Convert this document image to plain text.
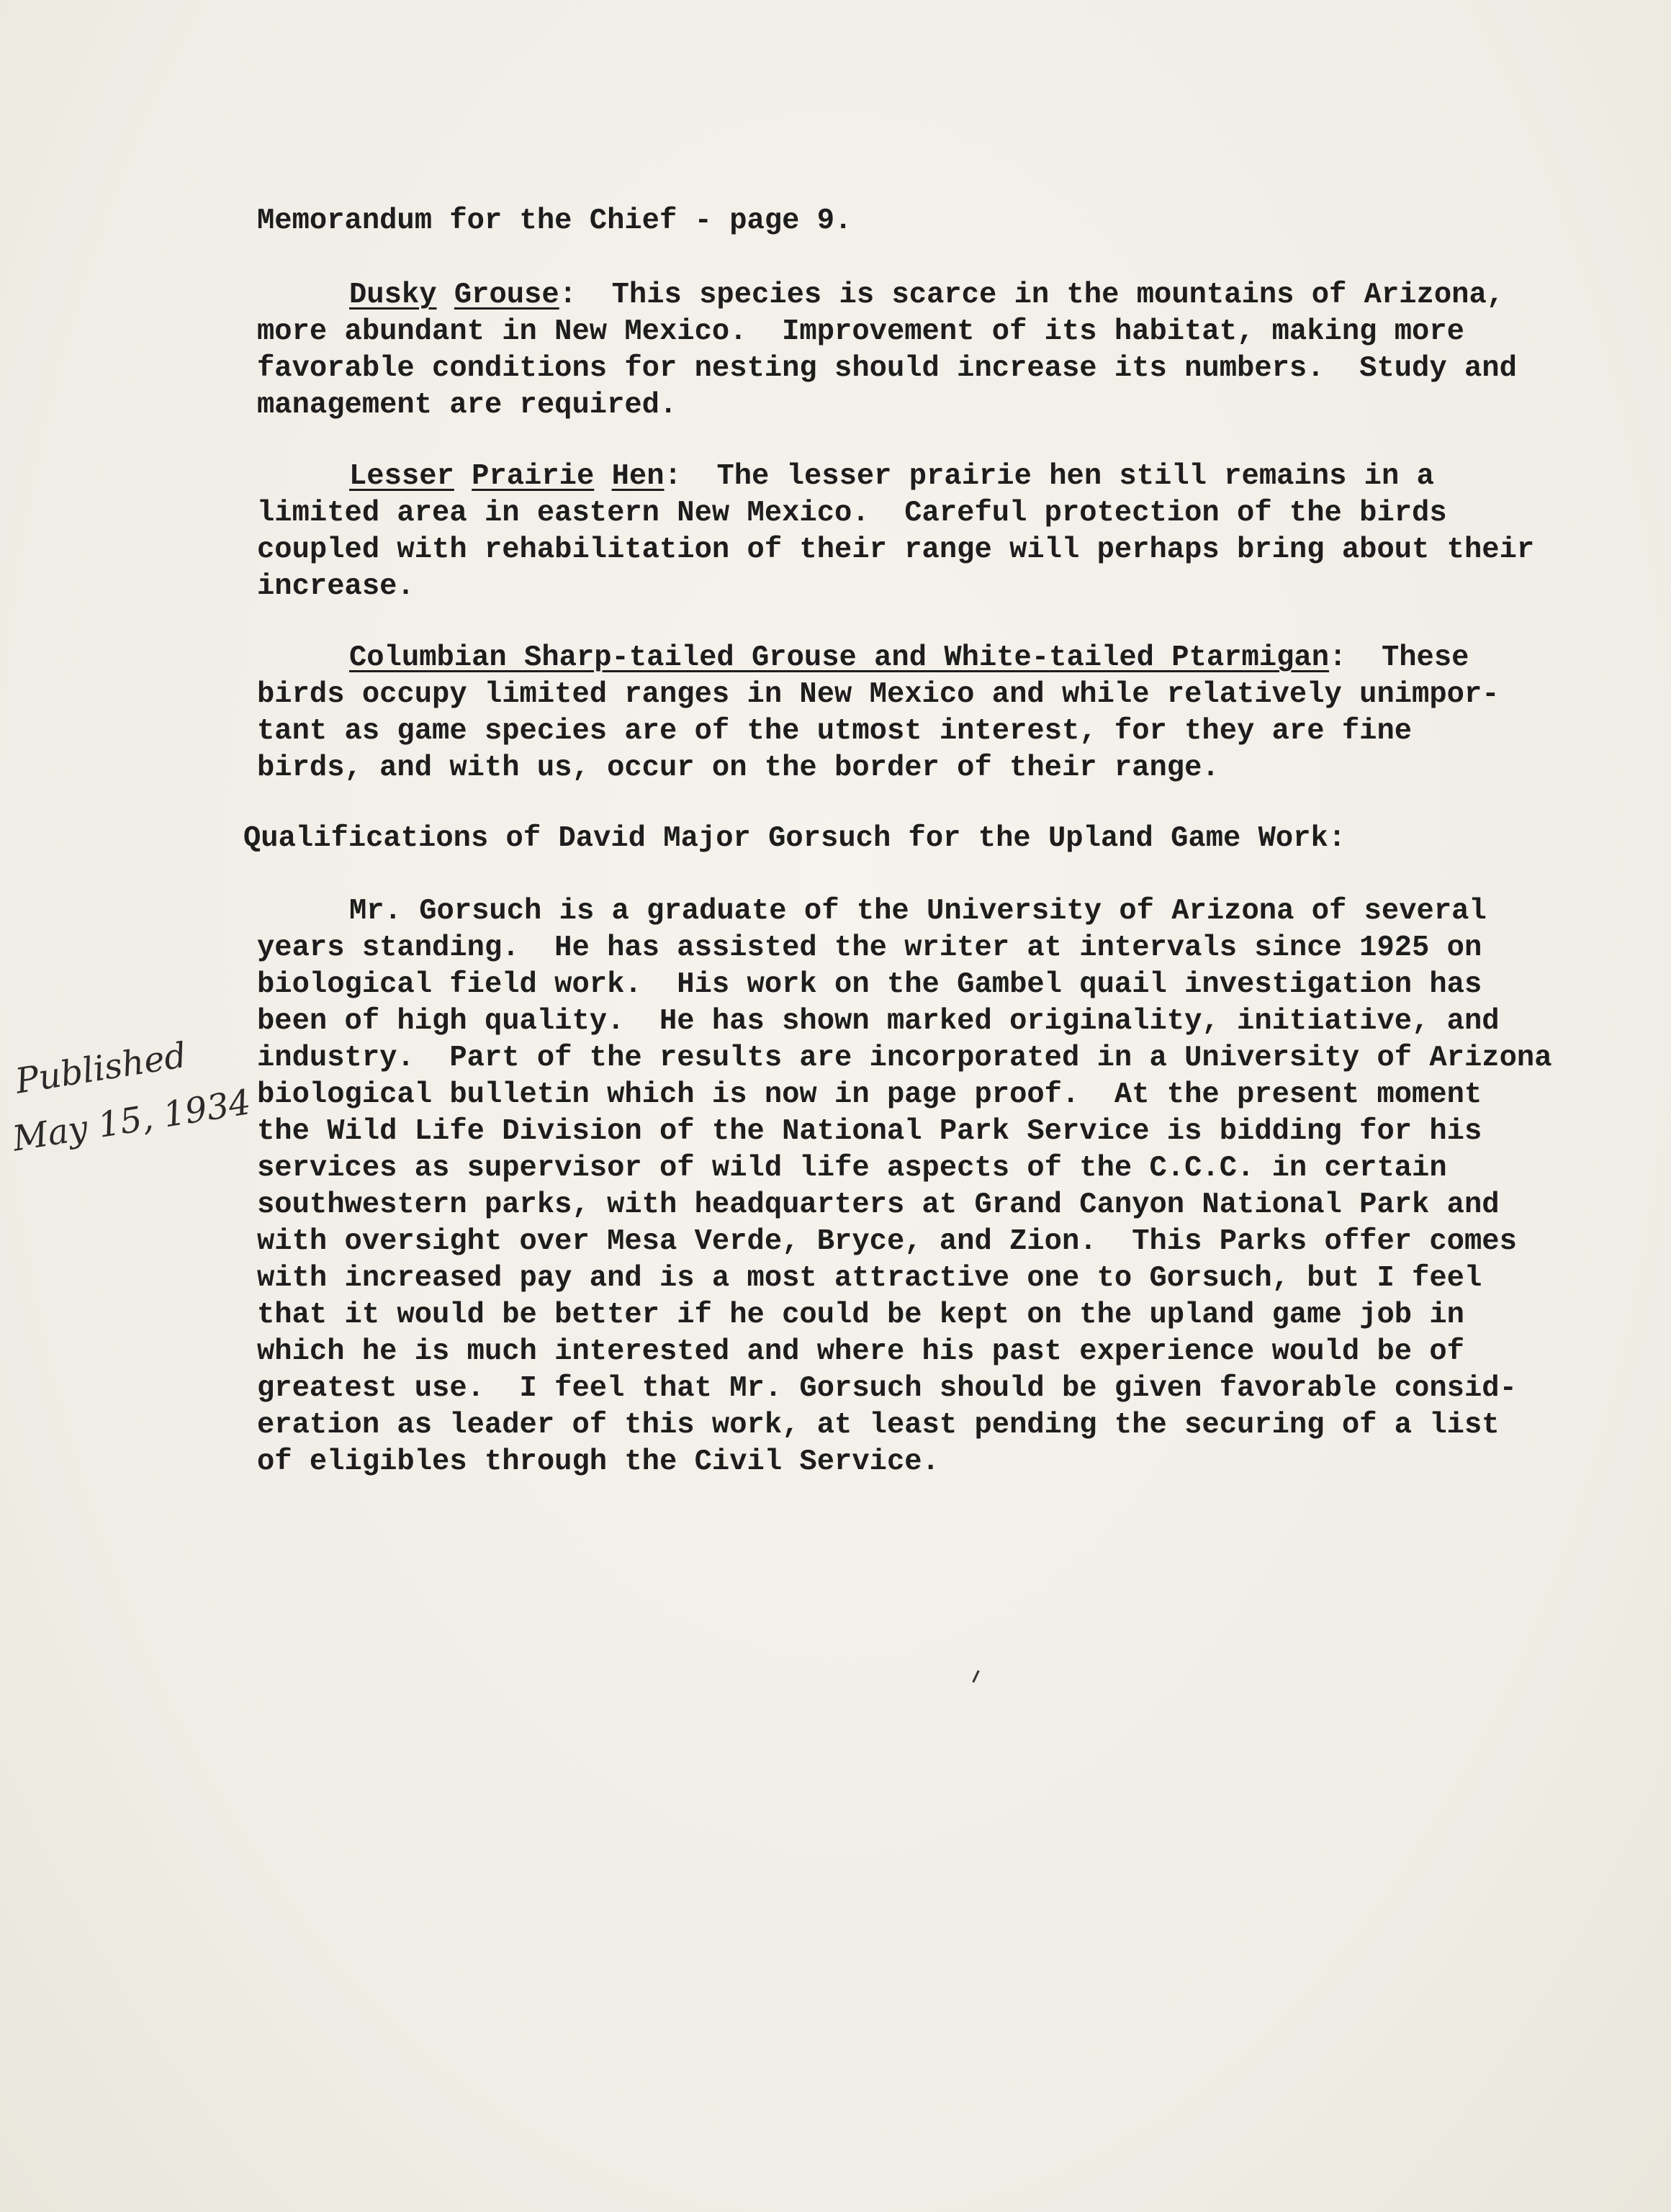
Memorandum for the Chief - page 9.
Dusky Grouse:  This species is scarce in the mountains of Arizona,
more abundant in New Mexico.  Improvement of its habitat, making more
favorable conditions for nesting should increase its numbers.  Study and
management are required.
Lesser Prairie Hen:  The lesser prairie hen still remains in a
limited area in eastern New Mexico.  Careful protection of the birds
coupled with rehabilitation of their range will perhaps bring about their
increase.
Columbian Sharp-tailed Grouse and White-tailed Ptarmigan:  These
birds occupy limited ranges in New Mexico and while relatively unimpor-
tant as game species are of the utmost interest, for they are fine
birds, and with us, occur on the border of their range.
Qualifications of David Major Gorsuch for the Upland Game Work:
Mr. Gorsuch is a graduate of the University of Arizona of several
years standing.  He has assisted the writer at intervals since 1925 on
biological field work.  His work on the Gambel quail investigation has
been of high quality.  He has shown marked originality, initiative, and
industry.  Part of the results are incorporated in a University of Arizona
biological bulletin which is now in page proof.  At the present moment
the Wild Life Division of the National Park Service is bidding for his
services as supervisor of wild life aspects of the C.C.C. in certain
southwestern parks, with headquarters at Grand Canyon National Park and
with oversight over Mesa Verde, Bryce, and Zion.  This Parks offer comes
with increased pay and is a most attractive one to Gorsuch, but I feel
that it would be better if he could be kept on the upland game job in
which he is much interested and where his past experience would be of
greatest use.  I feel that Mr. Gorsuch should be given favorable consid-
eration as leader of this work, at least pending the securing of a list
of eligibles through the Civil Service.
Published
May 15, 1934
